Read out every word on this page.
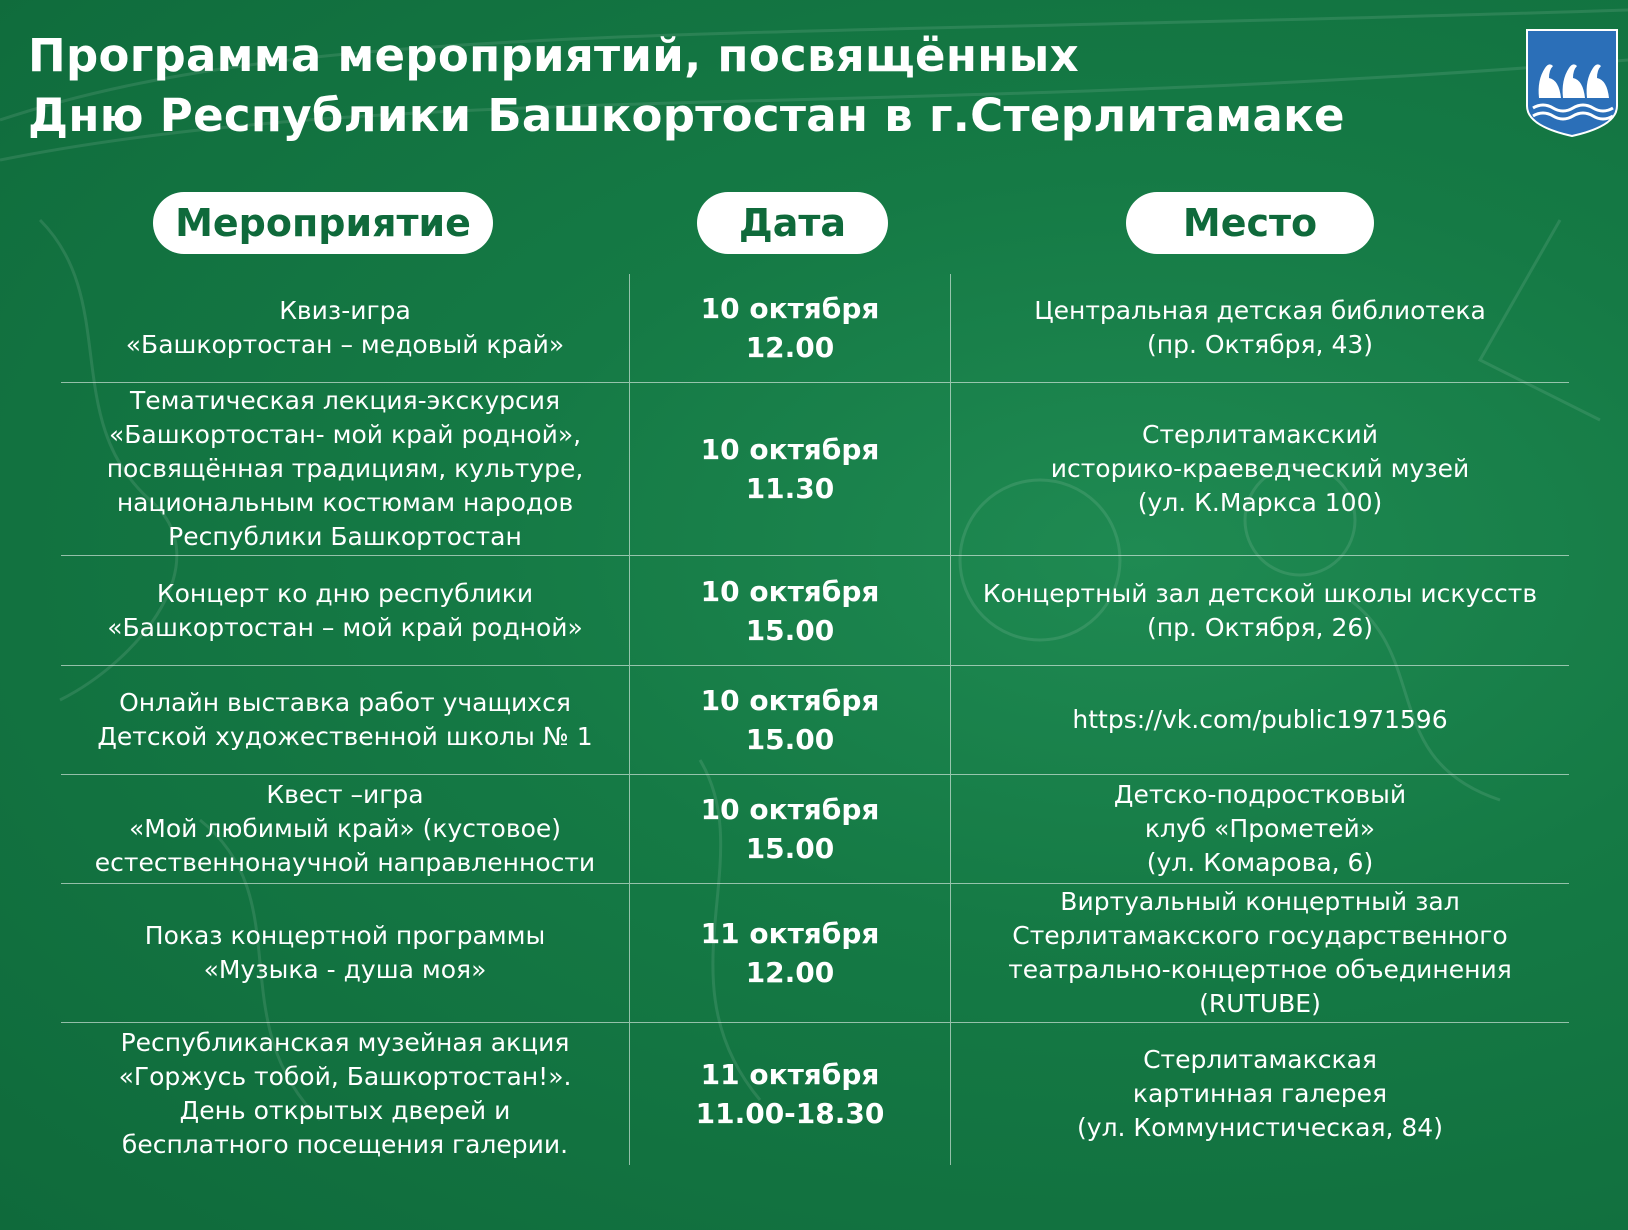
Программа мероприятий, посвящённых
Дню Республики Башкортостан в г.Стерлитамаке
Мероприятие	Дата	Место
Квиз-игра
«Башкортостан – медовый край»
10 октября
12.00
Центральная детская библиотека
(пр. Октября, 43)
Тематическая лекция-экскурсия
«Башкортостан- мой край родной»,
посвящённая традициям, культуре,
национальным костюмам народов
Республики Башкортостан
10 октября
11.30
Стерлитамакский
историко-краеведческий музей
(ул. К.Маркса 100)
Концерт ко дню республики
«Башкортостан – мой край родной»
10 октября
15.00
Концертный зал детской школы искусств
(пр. Октября, 26)
Онлайн выставка работ учащихся
Детской художественной школы № 1
10 октября
15.00
https://vk.com/public1971596
Квест –игра
«Мой любимый край» (кустовое)
естественнонаучной направленности
10 октября
15.00
Детско-подростковый
клуб «Прометей»
(ул. Комарова, 6)
Показ концертной программы
«Музыка - душа моя»
11 октября
12.00
Виртуальный концертный зал
Стерлитамакского государственного
театрально-концертное объединения
(RUTUBE)
Республиканская музейная акция
«Горжусь тобой, Башкортостан!».
День открытых дверей и
бесплатного посещения галерии.
11 октября
11.00-18.30
Стерлитамакская
картинная галерея
(ул. Коммунистическая, 84)
